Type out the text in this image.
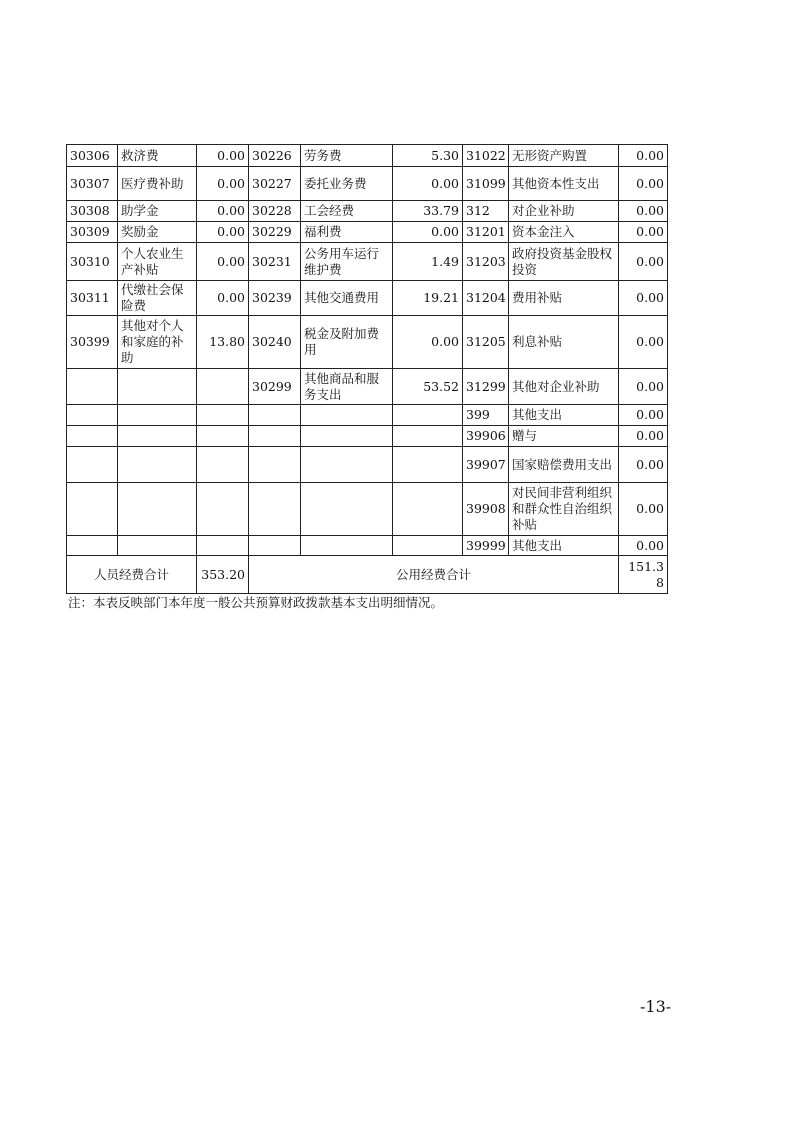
30306	救济费	0.00	30226	劳务费	5.30	31022	无形资产购置	0.00
30307	医疗费补助	0.00	30227	委托业务费	0.00	31099	其他资本性支出	0.00
30308	助学金	0.00	30228	工会经费	33.79	312	对企业补助	0.00
30309	奖励金	0.00	30229	福利费	0.00	31201	资本金注入	0.00
30310	个人农业生产补贴	0.00	30231	公务用车运行维护费	1.49	31203	政府投资基金股权投资	0.00
30311	代缴社会保险费	0.00	30239	其他交通费用	19.21	31204	费用补贴	0.00
30399	其他对个人和家庭的补助	13.80	30240	税金及附加费用	0.00	31205	利息补贴	0.00
			30299	其他商品和服务支出	53.52	31299	其他对企业补助	0.00
						399	其他支出	0.00
						39906	赠与	0.00
						39907	国家赔偿费用支出	0.00
						39908	对民间非营利组织和群众性自治组织补贴	0.00
						39999	其他支出	0.00
人员经费合计		353.20	公用经费合计					151.38
注：本表反映部门本年度一般公共预算财政拨款基本支出明细情况。
-13-
